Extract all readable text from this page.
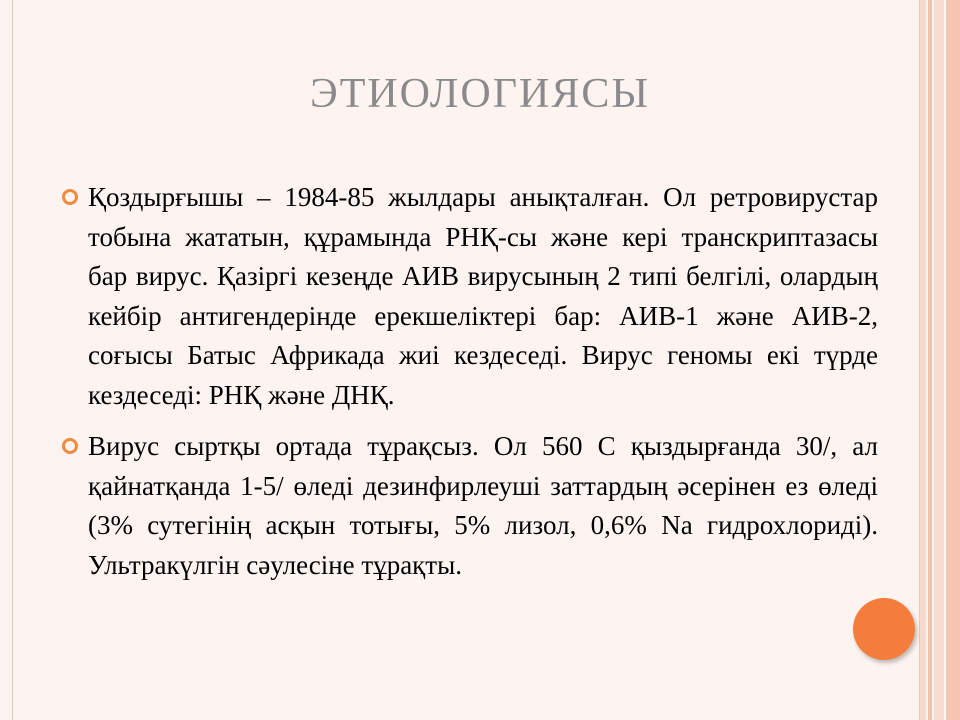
ЭТИОЛОГИЯСЫ
Қоздырғышы – 1984-85 жылдары анықталған. Ол ретровирустар тобына жататын, құрамында РНҚ-сы және кері транскриптазасы бар вирус. Қазіргі кезеңде АИВ вирусының 2 типі белгілі, олардың кейбір антигендерінде ерекшеліктері бар: АИВ-1 және АИВ-2, соғысы Батыс Африкада жиі кездеседі. Вирус геномы екі түрде кездеседі: РНҚ және ДНҚ.
Вирус сыртқы ортада тұрақсыз. Ол 560 С қыздырғанда 30/, ал қайнатқанда 1-5/ өледі дезинфирлеуші заттардың әсерінен ез өледі (3% сутегінің асқын тотығы, 5% лизол, 0,6% Na гидрохлориді). Ультракүлгін сәулесіне тұрақты.
